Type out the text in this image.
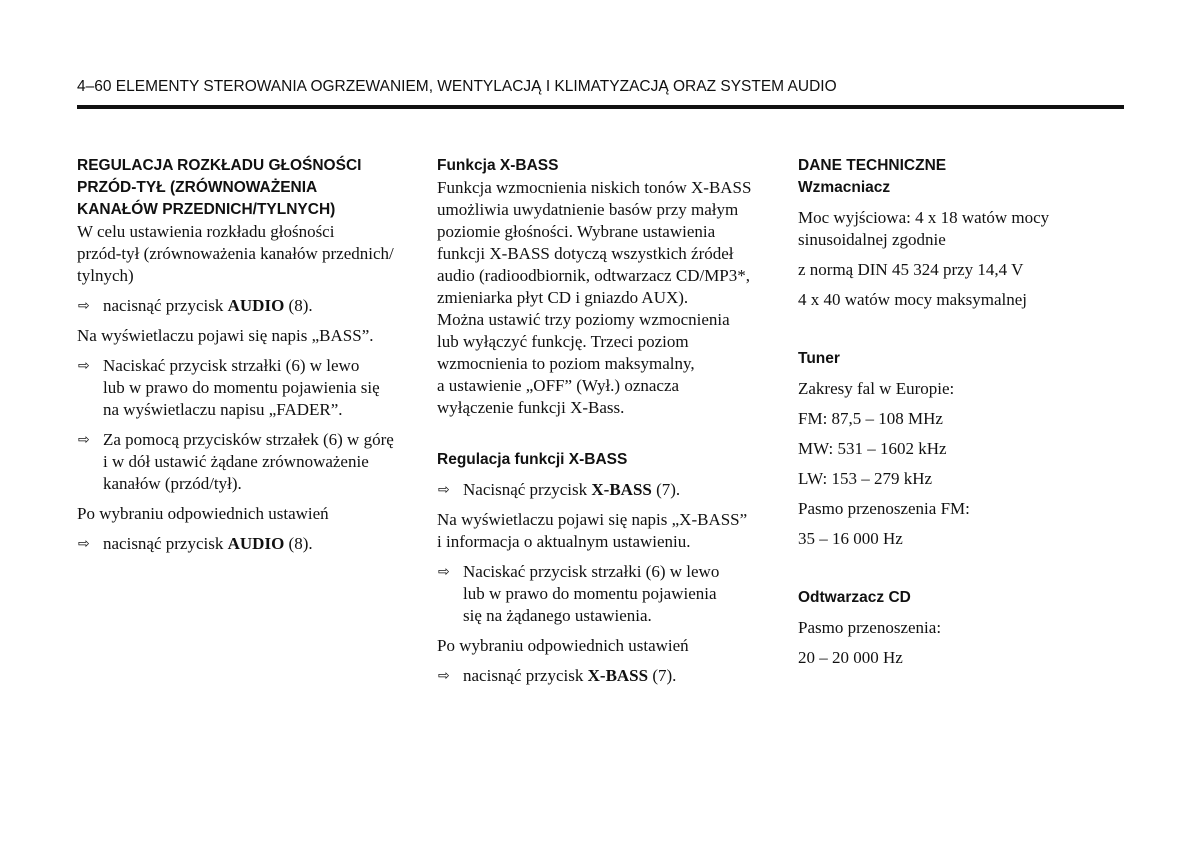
4–60 ELEMENTY STEROWANIA OGRZEWANIEM, WENTYLACJĄ I KLIMATYZACJĄ ORAZ SYSTEM AUDIO
REGULACJA ROZKŁADU GŁOŚNOŚCI
PRZÓD-TYŁ (ZRÓWNOWAŻENIA
KANAŁÓW PRZEDNICH/TYLNYCH)
W celu ustawienia rozkładu głośności
przód-tył (zrównoważenia kanałów przednich/
tylnych)
⇨ nacisnąć przycisk AUDIO (8).
Na wyświetlaczu pojawi się napis „BASS”.
⇨ Naciskać przycisk strzałki (6) w lewo
lub w prawo do momentu pojawienia się
na wyświetlaczu napisu „FADER”.
⇨ Za pomocą przycisków strzałek (6) w górę
i w dół ustawić żądane zrównoważenie
kanałów (przód/tył).
Po wybraniu odpowiednich ustawień
⇨ nacisnąć przycisk AUDIO (8).
Funkcja X-BASS
Funkcja wzmocnienia niskich tonów X-BASS
umożliwia uwydatnienie basów przy małym
poziomie głośności. Wybrane ustawienia
funkcji X-BASS dotyczą wszystkich źródeł
audio (radioodbiornik, odtwarzacz CD/MP3*,
zmieniarka płyt CD i gniazdo AUX).
Można ustawić trzy poziomy wzmocnienia
lub wyłączyć funkcję. Trzeci poziom
wzmocnienia to poziom maksymalny,
a ustawienie „OFF” (Wył.) oznacza
wyłączenie funkcji X-Bass.
Regulacja funkcji X-BASS
⇨ Nacisnąć przycisk X-BASS (7).
Na wyświetlaczu pojawi się napis „X-BASS”
i informacja o aktualnym ustawieniu.
⇨ Naciskać przycisk strzałki (6) w lewo
lub w prawo do momentu pojawienia
się na żądanego ustawienia.
Po wybraniu odpowiednich ustawień
⇨ nacisnąć przycisk X-BASS (7).
DANE TECHNICZNE
Wzmacniacz
Moc wyjściowa: 4 x 18 watów mocy
sinusoidalnej zgodnie
z normą DIN 45 324 przy 14,4 V
4 x 40 watów mocy maksymalnej
Tuner
Zakresy fal w Europie:
FM: 87,5 – 108 MHz
MW: 531 – 1602 kHz
LW: 153 – 279 kHz
Pasmo przenoszenia FM:
35 – 16 000 Hz
Odtwarzacz CD
Pasmo przenoszenia:
20 – 20 000 Hz
